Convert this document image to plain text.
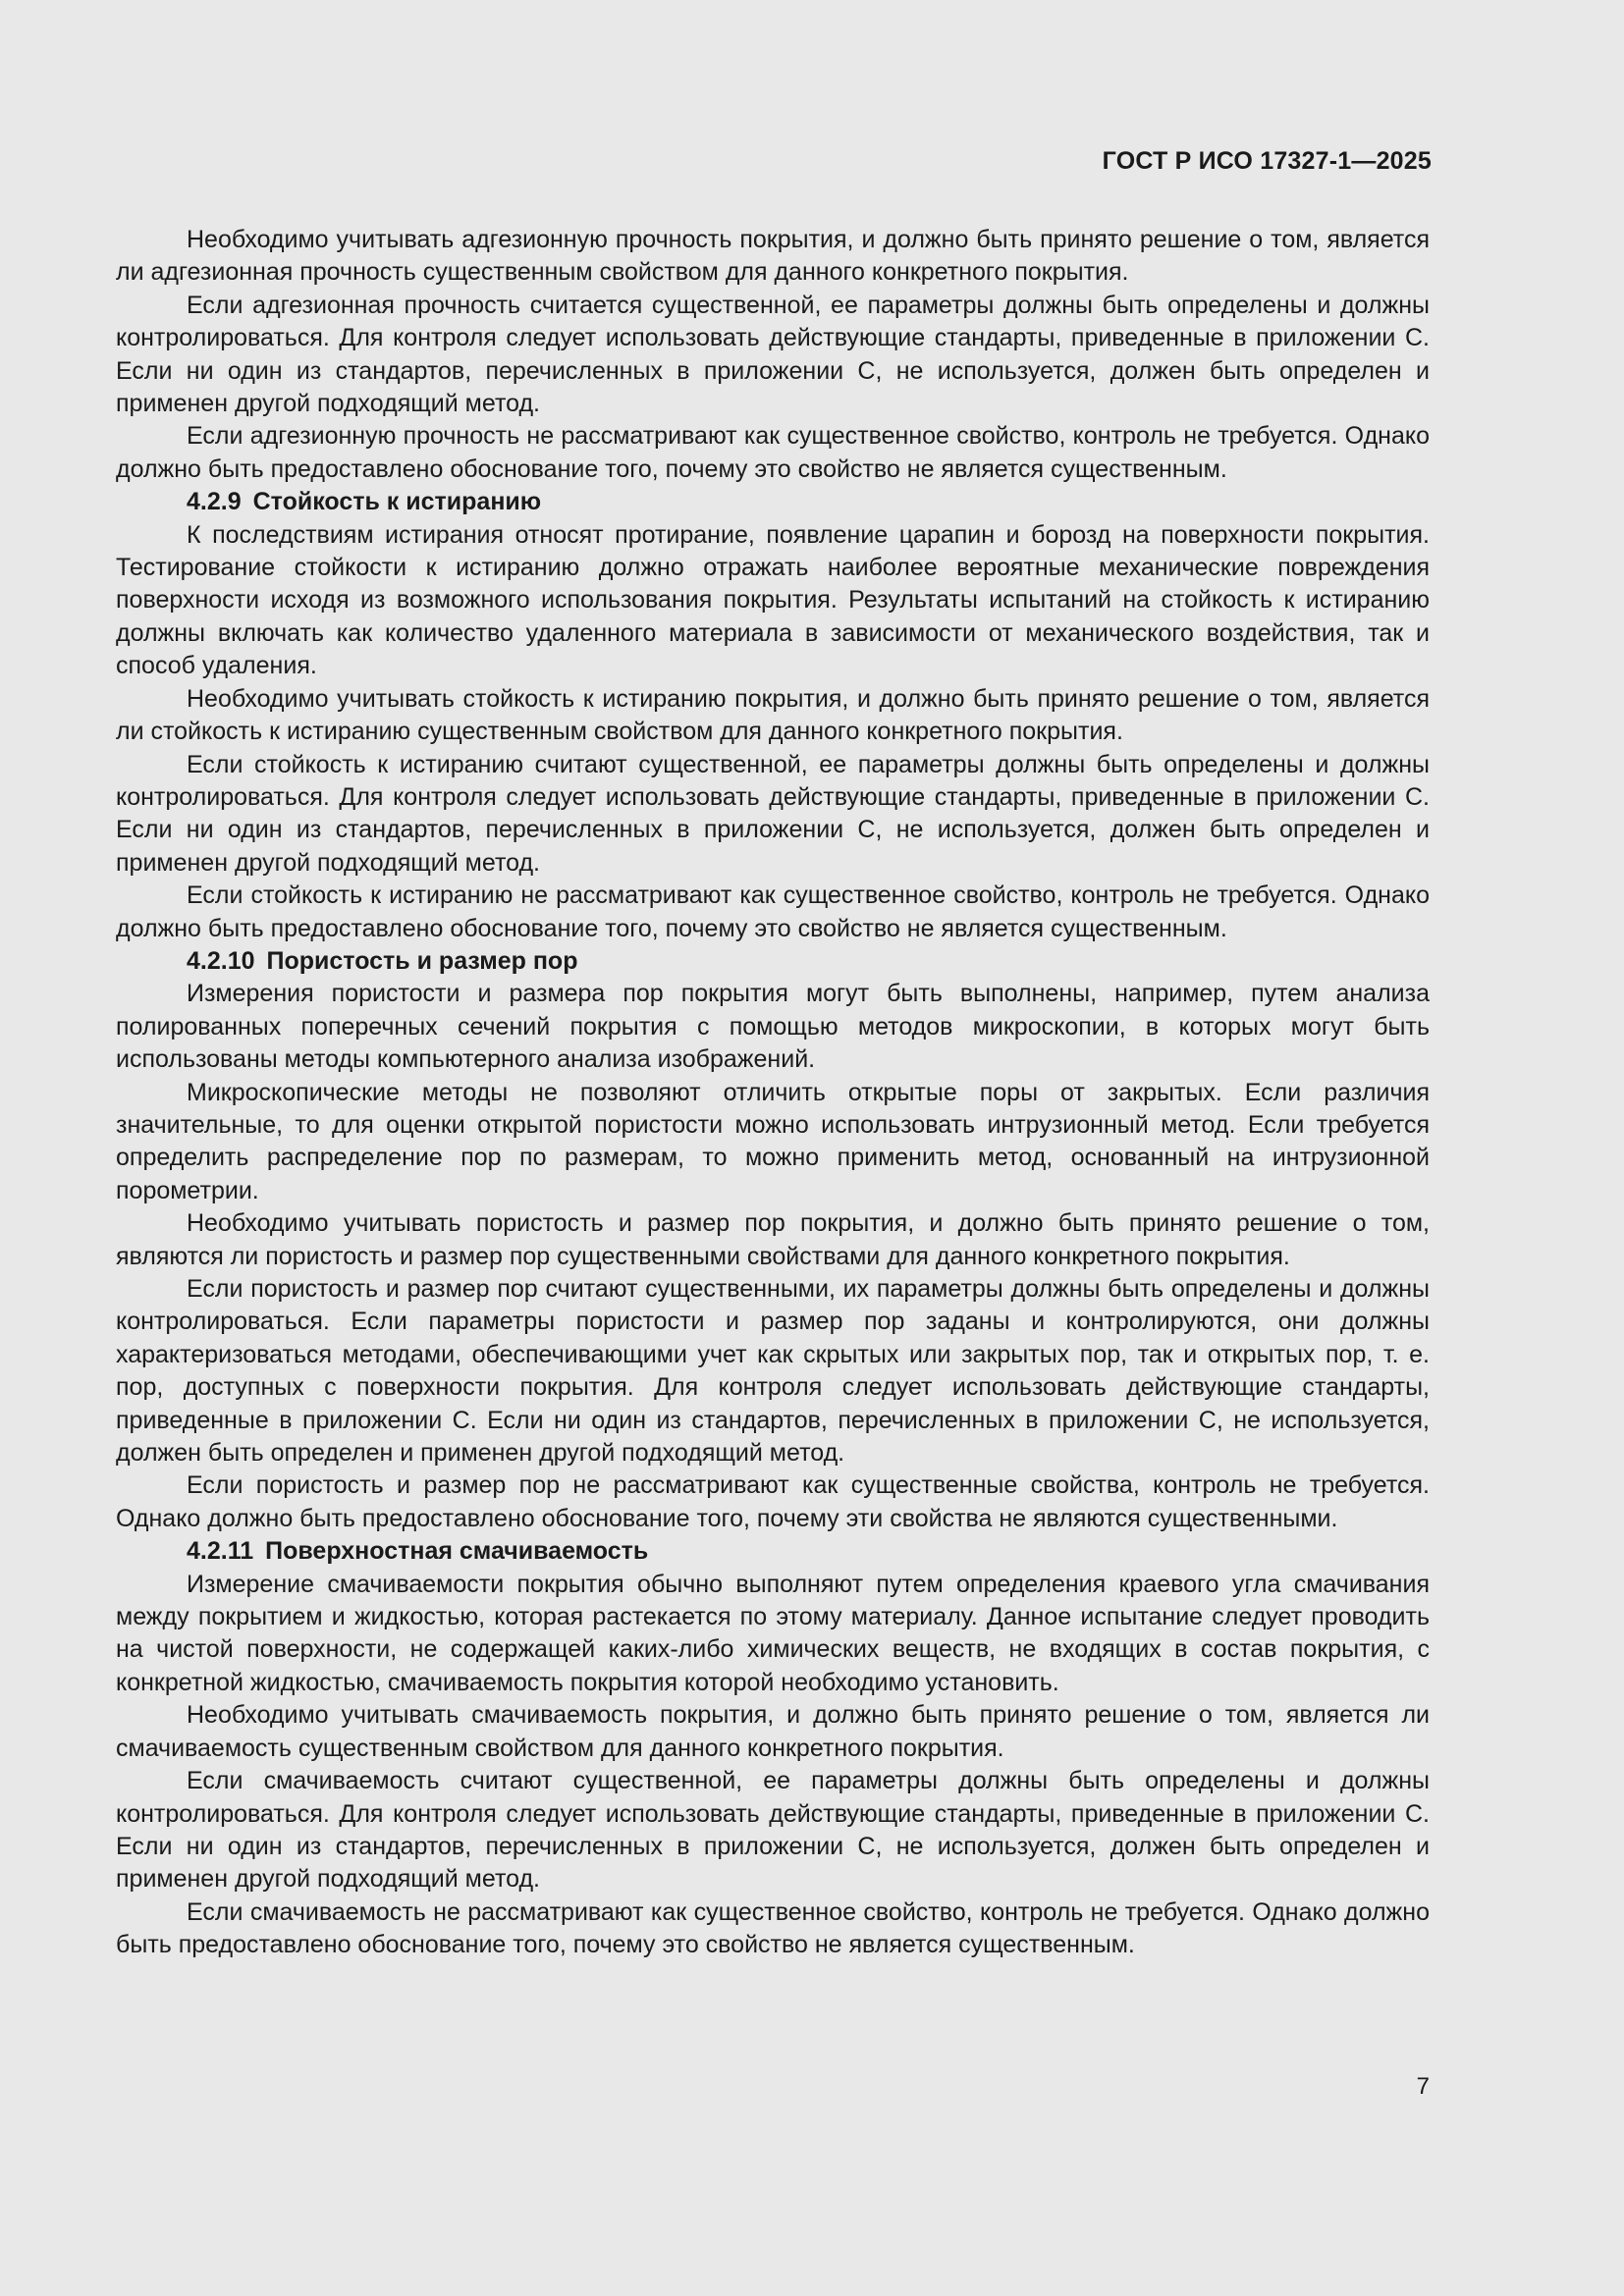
ГОСТ Р ИСО 17327-1—2025

Необходимо учитывать адгезионную прочность покрытия, и должно быть принято решение о том, является ли адгезионная прочность существенным свойством для данного конкретного покрытия.

Если адгезионная прочность считается существенной, ее параметры должны быть определены и должны контролироваться. Для контроля следует использовать действующие стандарты, приведенные в приложении С. Если ни один из стандартов, перечисленных в приложении С, не используется, должен быть определен и применен другой подходящий метод.

Если адгезионную прочность не рассматривают как существенное свойство, контроль не требуется. Однако должно быть предоставлено обоснование того, почему это свойство не является существенным.

4.2.9 Стойкость к истиранию

К последствиям истирания относят протирание, появление царапин и борозд на поверхности покрытия. Тестирование стойкости к истиранию должно отражать наиболее вероятные механические повреждения поверхности исходя из возможного использования покрытия. Результаты испытаний на стойкость к истиранию должны включать как количество удаленного материала в зависимости от механического воздействия, так и способ удаления.

Необходимо учитывать стойкость к истиранию покрытия, и должно быть принято решение о том, является ли стойкость к истиранию существенным свойством для данного конкретного покрытия.

Если стойкость к истиранию считают существенной, ее параметры должны быть определены и должны контролироваться. Для контроля следует использовать действующие стандарты, приведенные в приложении С. Если ни один из стандартов, перечисленных в приложении С, не используется, должен быть определен и применен другой подходящий метод.

Если стойкость к истиранию не рассматривают как существенное свойство, контроль не требуется. Однако должно быть предоставлено обоснование того, почему это свойство не является существенным.

4.2.10 Пористость и размер пор

Измерения пористости и размера пор покрытия могут быть выполнены, например, путем анализа полированных поперечных сечений покрытия с помощью методов микроскопии, в которых могут быть использованы методы компьютерного анализа изображений.

Микроскопические методы не позволяют отличить открытые поры от закрытых. Если различия значительные, то для оценки открытой пористости можно использовать интрузионный метод. Если требуется определить распределение пор по размерам, то можно применить метод, основанный на интрузионной порометрии.

Необходимо учитывать пористость и размер пор покрытия, и должно быть принято решение о том, являются ли пористость и размер пор существенными свойствами для данного конкретного покрытия.

Если пористость и размер пор считают существенными, их параметры должны быть определены и должны контролироваться. Если параметры пористости и размер пор заданы и контролируются, они должны характеризоваться методами, обеспечивающими учет как скрытых или закрытых пор, так и открытых пор, т. е. пор, доступных с поверхности покрытия. Для контроля следует использовать действующие стандарты, приведенные в приложении С. Если ни один из стандартов, перечисленных в приложении С, не используется, должен быть определен и применен другой подходящий метод.

Если пористость и размер пор не рассматривают как существенные свойства, контроль не требуется. Однако должно быть предоставлено обоснование того, почему эти свойства не являются существенными.

4.2.11 Поверхностная смачиваемость

Измерение смачиваемости покрытия обычно выполняют путем определения краевого угла смачивания между покрытием и жидкостью, которая растекается по этому материалу. Данное испытание следует проводить на чистой поверхности, не содержащей каких-либо химических веществ, не входящих в состав покрытия, с конкретной жидкостью, смачиваемость покрытия которой необходимо установить.

Необходимо учитывать смачиваемость покрытия, и должно быть принято решение о том, является ли смачиваемость существенным свойством для данного конкретного покрытия.

Если смачиваемость считают существенной, ее параметры должны быть определены и должны контролироваться. Для контроля следует использовать действующие стандарты, приведенные в приложении С. Если ни один из стандартов, перечисленных в приложении С, не используется, должен быть определен и применен другой подходящий метод.

Если смачиваемость не рассматривают как существенное свойство, контроль не требуется. Однако должно быть предоставлено обоснование того, почему это свойство не является существенным.

7
